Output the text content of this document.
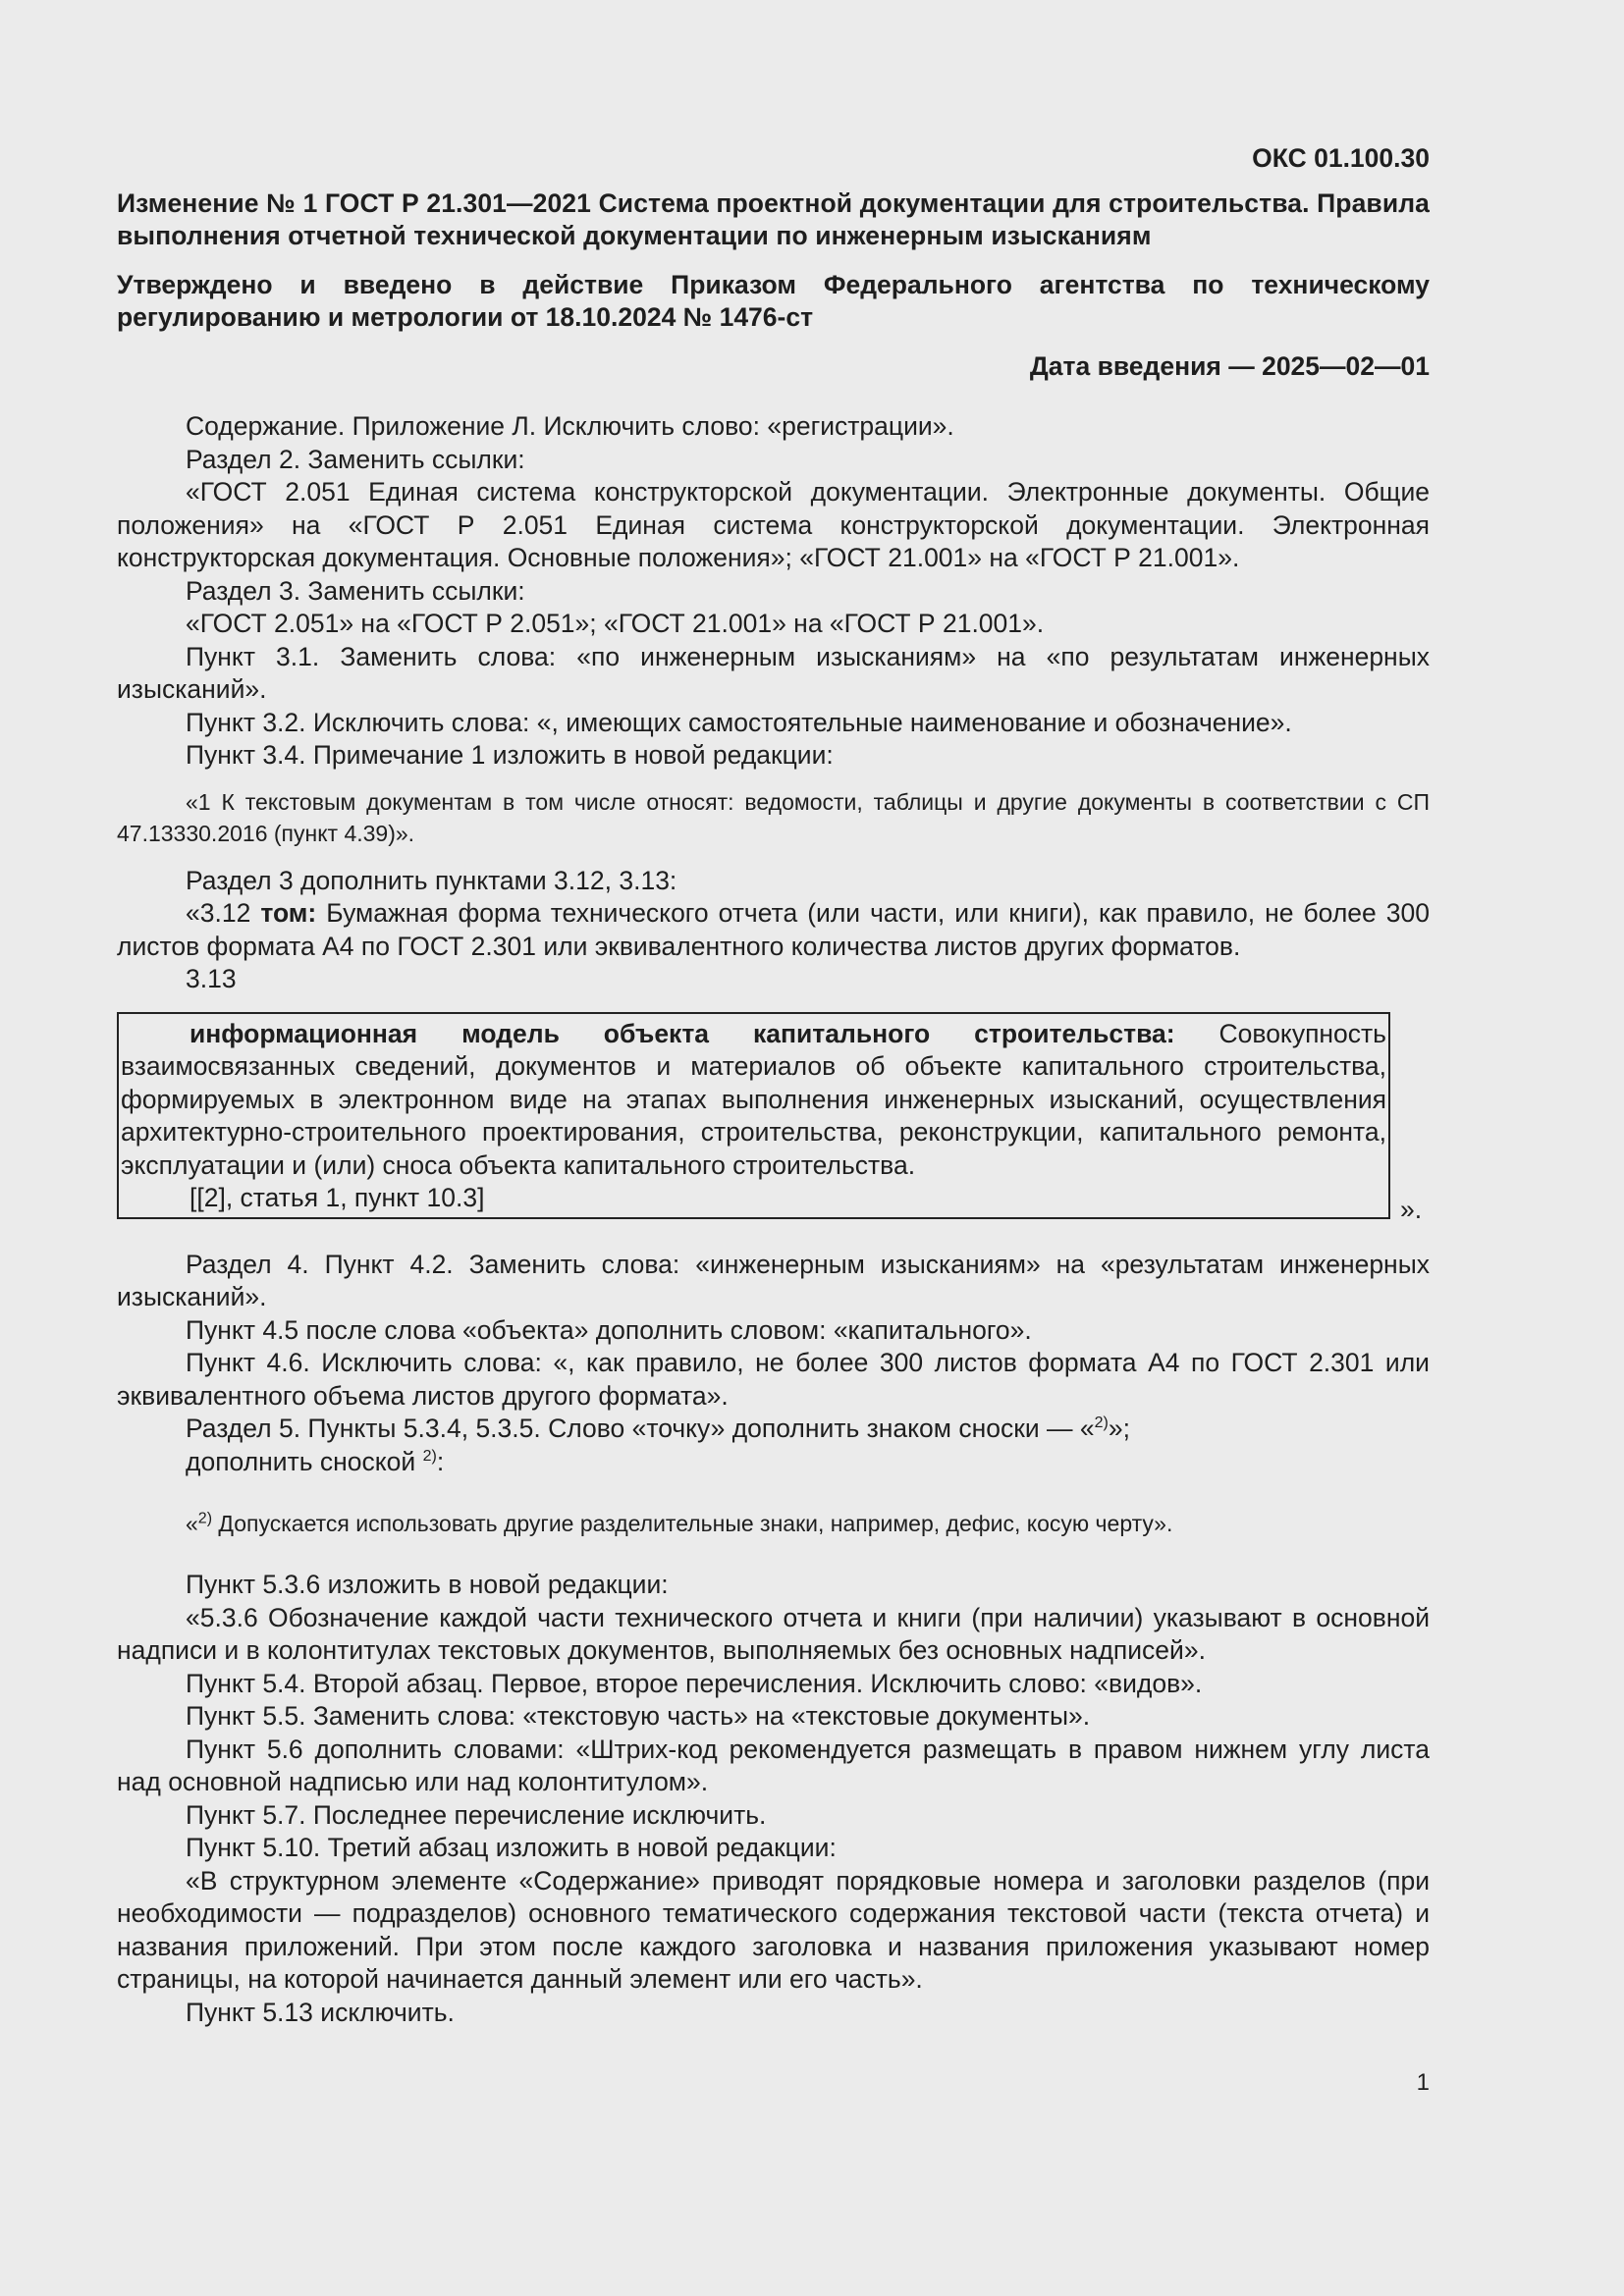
ОКС 01.100.30

Изменение № 1 ГОСТ Р 21.301—2021 Система проектной документации для строительства. Правила выполнения отчетной технической документации по инженерным изысканиям

Утверждено и введено в действие Приказом Федерального агентства по техническому регулированию и метрологии от 18.10.2024 № 1476-ст

Дата введения — 2025—02—01

Содержание. Приложение Л. Исключить слово: «регистрации».

Раздел 2. Заменить ссылки:

«ГОСТ 2.051 Единая система конструкторской документации. Электронные документы. Общие положения» на «ГОСТ Р 2.051 Единая система конструкторской документации. Электронная конструкторская документация. Основные положения»; «ГОСТ 21.001» на «ГОСТ Р 21.001».

Раздел 3. Заменить ссылки:

«ГОСТ 2.051» на «ГОСТ Р 2.051»; «ГОСТ 21.001» на «ГОСТ Р 21.001».

Пункт 3.1. Заменить слова: «по инженерным изысканиям» на «по результатам инженерных изысканий».

Пункт 3.2. Исключить слова: «, имеющих самостоятельные наименование и обозначение».

Пункт 3.4. Примечание 1 изложить в новой редакции:

«1 К текстовым документам в том числе относят: ведомости, таблицы и другие документы в соответствии с СП 47.13330.2016 (пункт 4.39)».

Раздел 3 дополнить пунктами 3.12, 3.13:

«3.12 том: Бумажная форма технического отчета (или части, или книги), как правило, не более 300 листов формата А4 по ГОСТ 2.301 или эквивалентного количества листов других форматов.

3.13

информационная модель объекта капитального строительства: Совокупность взаимосвязанных сведений, документов и материалов об объекте капитального строительства, формируемых в электронном виде на этапах выполнения инженерных изысканий, осуществления архитектурно-строительного проектирования, строительства, реконструкции, капитального ремонта, эксплуатации и (или) сноса объекта капитального строительства.

[[2], статья 1, пункт 10.3]	».

Раздел 4. Пункт 4.2. Заменить слова: «инженерным изысканиям» на «результатам инженерных изысканий».

Пункт 4.5 после слова «объекта» дополнить словом: «капитального».

Пункт 4.6. Исключить слова: «, как правило, не более 300 листов формата А4 по ГОСТ 2.301 или эквивалентного объема листов другого формата».

Раздел 5. Пункты 5.3.4, 5.3.5. Слово «точку» дополнить знаком сноски — «$^{2)}$»;

дополнить сноской $^{2)}$:

«$^{2)}$ Допускается использовать другие разделительные знаки, например, дефис, косую черту».

Пункт 5.3.6 изложить в новой редакции:

«5.3.6 Обозначение каждой части технического отчета и книги (при наличии) указывают в основной надписи и в колонтитулах текстовых документов, выполняемых без основных надписей».

Пункт 5.4. Второй абзац. Первое, второе перечисления. Исключить слово: «видов».

Пункт 5.5. Заменить слова: «текстовую часть» на «текстовые документы».

Пункт 5.6 дополнить словами: «Штрих-код рекомендуется размещать в правом нижнем углу листа над основной надписью или над колонтитулом».

Пункт 5.7. Последнее перечисление исключить.

Пункт 5.10. Третий абзац изложить в новой редакции:

«В структурном элементе «Содержание» приводят порядковые номера и заголовки разделов (при необходимости — подразделов) основного тематического содержания текстовой части (текста отчета) и названия приложений. При этом после каждого заголовка и названия приложения указывают номер страницы, на которой начинается данный элемент или его часть».

Пункт 5.13 исключить.

1
